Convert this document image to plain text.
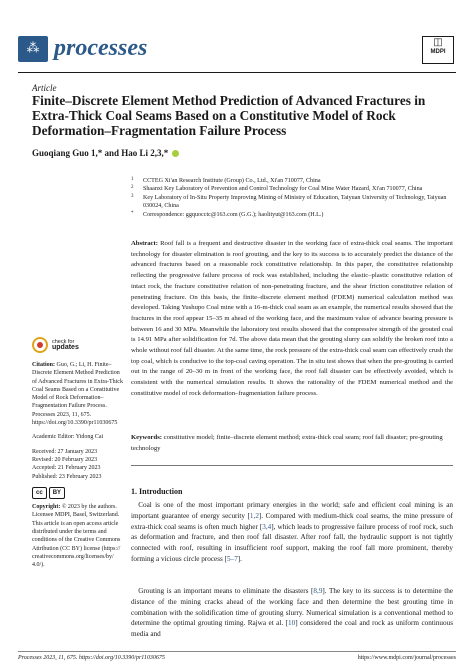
⁂ processes	◫
MDPI
Article
Finite–Discrete Element Method Prediction of Advanced Fractures in Extra-Thick Coal Seams Based on a Constitutive Model of Rock Deformation–Fragmentation Failure Process
Guoqiang Guo 1,* and Hao Li 2,3,*
1 CCTEG Xi'an Research Institute (Group) Co., Ltd., Xi'an 710077, China
2 Shaanxi Key Laboratory of Prevention and Control Technology for Coal Mine Water Hazard, Xi'an 710077, China
3 Key Laboratory of In-Situ Property Improving Mining of Ministry of Education, Taiyuan University of Technology, Taiyuan 030024, China
* Correspondence: ggquocctc@163.com (G.G.); haolityut@163.com (H.L.)
check for
updates
Citation: Guo, G.; Li, H. Finite–Discrete Element Method Prediction of Advanced Fractures in Extra-Thick Coal Seams Based on a Constitutive Model of Rock Deformation–Fragmentation Failure Process. Processes 2023, 11, 675. https://doi.org/10.3390/pr11030675
Academic Editor: Yidong Cai
Received: 27 January 2023
Revised: 20 February 2023
Accepted: 21 February 2023
Published: 23 February 2023
cc	BY
Copyright: © 2023 by the authors. Licensee MDPI, Basel, Switzerland. This article is an open access article distributed under the terms and conditions of the Creative Commons Attribution (CC BY) license (https:// creativecommons.org/licenses/by/ 4.0/).
Abstract: Roof fall is a frequent and destructive disaster in the working face of extra-thick coal seams. The important technology for disaster elimination is roof grouting, and the key to its success is to accurately predict the distance of the advanced fractures based on a reasonable rock constitutive relationship. In this paper, the constitutive relationship reflecting the progressive failure process of rock was established, including the elastic–plastic constitutive relation of intact rock, the fracture constitutive relation of non-penetrating fracture, and the shear friction constitutive relation of penetrating fracture. On this basis, the finite–discrete element method (FDEM) numerical calculation method was developed. Taking Yushupo Coal mine with a 16-m-thick coal seam as an example, the numerical results showed that the fractures in the roof appear 15–35 m ahead of the working face, and the maximum value of advance bearing pressure is between 16 and 30 MPa. Meanwhile the laboratory test results showed that the compressive strength of the grouted coal is 14.91 MPa after solidification for 7d. The above data mean that the grouting slurry can solidify the broken roof into a whole without roof fall disaster. At the same time, the rock pressure of the extra-thick coal seam can effectively crush the top coal, which is conducive to the top-coal caving operation. The in situ test shows that when the pre-grouting is carried out in the range of 20–30 m in front of the working face, the roof fall disaster can be effectively avoided, which is consistent with the numerical simulation results. It shows the rationality of the FDEM numerical method and the constitutive model of rock deformation–fragmentation failure process.
Keywords: constitutive model; finite–discrete element method; extra-thick coal seam; roof fall disaster; pre-grouting technology
1. Introduction
 Coal is one of the most important primary energies in the world; safe and efficient coal mining is an important guarantee of energy security [1,2]. Compared with medium-thick coal seams, the mine pressure of extra-thick coal seams is often much higher [3,4], which leads to progressive failure process of roof rock, such as deformation and fracture, and then roof fall disaster. After roof fall, the hydraulic support is not tightly connected with roof, resulting in insufficient roof support, making the roof fall more prominent, thereby forming a vicious circle process [5–7].
 Grouting is an important means to eliminate the disasters [8,9]. The key to its success is to determine the distance of the mining cracks ahead of the working face and then determine the best grouting time in combination with the solidification time of grouting slurry. Numerical simulation is a conventional method to determine the optimal grouting timing. Rajwa et al. [10] considered the coal and rock as uniform continuous media and
Processes 2023, 11, 675. https://doi.org/10.3390/pr11030675	https://www.mdpi.com/journal/processes
